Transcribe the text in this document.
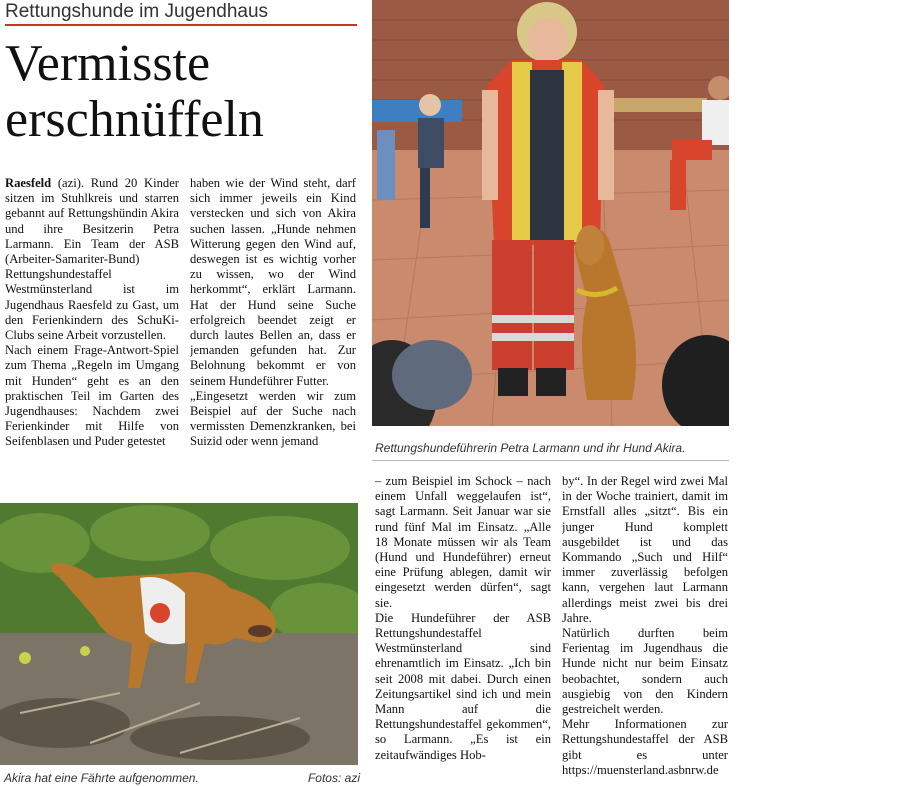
Rettungshunde im Jugendhaus
Vermisste
erschnüffeln

Raesfeld (azi). Rund 20 Kinder sitzen im Stuhlkreis und starren gebannt auf Rettungshündin Akira und ihre Besitzerin Petra Larmann. Ein Team der ASB (Arbeiter-Samariter-Bund) Rettungshundestaffel Westmünsterland ist im Jugendhaus Raesfeld zu Gast, um den Ferienkindern des SchuKi-Clubs seine Arbeit vorzustellen.

Nach einem Frage-Antwort-Spiel zum Thema „Regeln im Umgang mit Hunden“ geht es an den praktischen Teil im Garten des Jugendhauses: Nachdem zwei Ferienkinder mit Hilfe von Seifenblasen und Puder getestet

haben wie der Wind steht, darf sich immer jeweils ein Kind verstecken und sich von Akira suchen lassen. „Hunde nehmen Witterung gegen den Wind auf, deswegen ist es wichtig vorher zu wissen, wo der Wind herkommt“, erklärt Larmann. Hat der Hund seine Suche erfolgreich beendet zeigt er durch lautes Bellen an, dass er jemanden gefunden hat. Zur Belohnung bekommt er von seinem Hundeführer Futter.

„Eingesetzt werden wir zum Beispiel auf der Suche nach vermissten Demenzkranken, bei Suizid oder wenn jemand	Rettungshundeführerin Petra Larmann und ihr Hund Akira.

– zum Beispiel im Schock – nach einem Unfall weggelaufen ist“, sagt Larmann. Seit Januar war sie rund fünf Mal im Einsatz. „Alle 18 Monate müssen wir als Team (Hund und Hundeführer) erneut eine Prüfung ablegen, damit wir eingesetzt werden dürfen“, sagt sie.

Die Hundeführer der ASB Rettungshundestaffel Westmünsterland sind ehrenamtlich im Einsatz. „Ich bin seit 2008 mit dabei. Durch einen Zeitungsartikel sind ich und mein Mann auf die Rettungshundestaffel gekommen“, so Larmann. „Es ist ein zeitaufwändiges Hob-

by“. In der Regel wird zwei Mal in der Woche trainiert, damit im Ernstfall alles „sitzt“. Bis ein junger Hund komplett ausgebildet ist und das Kommando „Such und Hilf“ immer zuverlässig befolgen kann, vergehen laut Larmann allerdings meist zwei bis drei Jahre.

Natürlich durften beim Ferientag im Jugendhaus die Hunde nicht nur beim Einsatz beobachtet, sondern auch ausgiebig von den Kindern gestreichelt werden.

Mehr Informationen zur Rettungshundestaffel der ASB gibt es unter https://muensterland.asbnrw.de

Akira hat eine Fährte aufgenommen.	Fotos: azi
